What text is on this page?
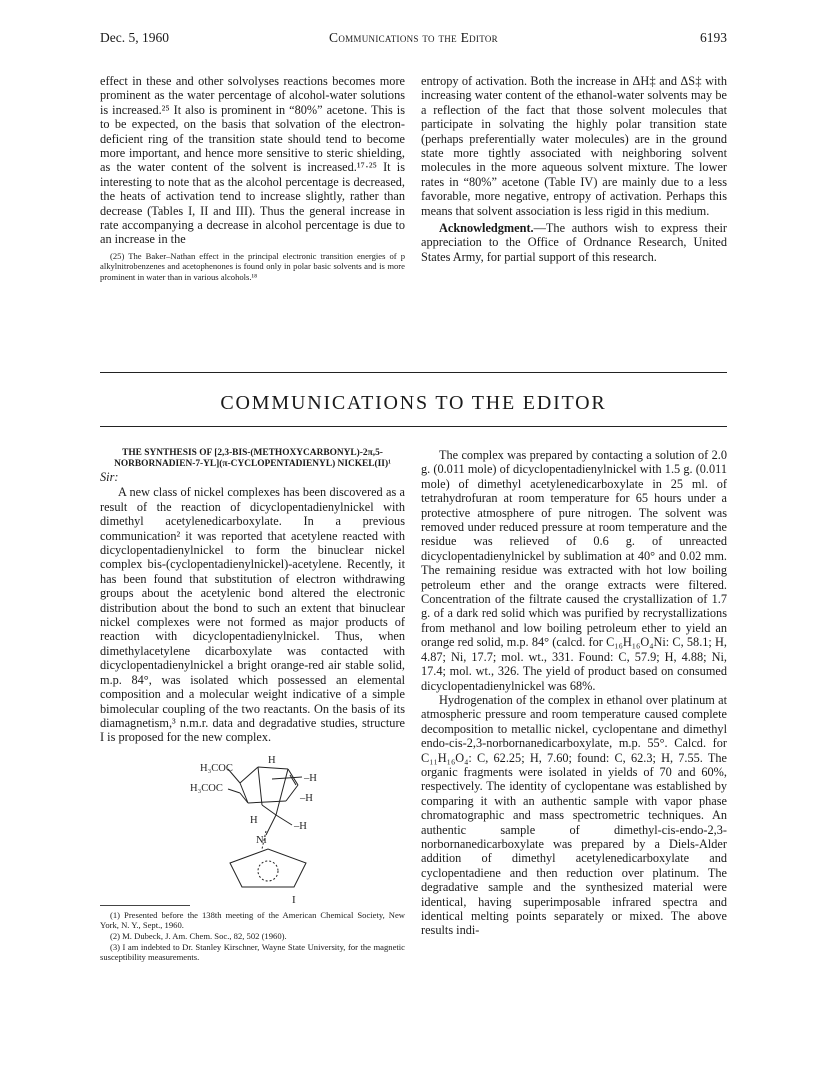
Dec. 5, 1960	Communications to the Editor	6193

effect in these and other solvolyses reactions becomes more prominent as the water percentage of alcohol-water solutions is increased.²⁵ It also is prominent in “80%” acetone. This is to be expected, on the basis that solvation of the electron-deficient ring of the transition state should tend to become more important, and hence more sensitive to steric shielding, as the water content of the solvent is increased.¹⁷·²⁵ It is interesting to note that as the alcohol percentage is decreased, the heats of activation tend to increase slightly, rather than decrease (Tables I, II and III). Thus the general increase in rate accompanying a decrease in alcohol percentage is due to an increase in the

(25) The Baker–Nathan effect in the principal electronic transition energies of p alkylnitrobenzenes and acetophenones is found only in polar basic solvents and is more prominent in water than in various alcohols.¹⁸

entropy of activation. Both the increase in ΔH‡ and ΔS‡ with increasing water content of the ethanol-water solvents may be a reflection of the fact that those solvent molecules that participate in solvating the highly polar transition state (perhaps preferentially water molecules) are in the ground state more tightly associated with neighboring solvent molecules in the more aqueous solvent mixture. The lower rates in “80%” acetone (Table IV) are mainly due to a less favorable, more negative, entropy of activation. Perhaps this means that solvent association is less rigid in this medium.

Acknowledgment.—The authors wish to express their appreciation to the Office of Ordnance Research, United States Army, for partial support of this research.

COMMUNICATIONS TO THE EDITOR
THE SYNTHESIS OF [2,3-BIS-(METHOXYCARBONYL)-2π,5-NORBORNADIEN-7-YL](π-CYCLOPENTADIENYL) NICKEL(II)¹
Sir:

A new class of nickel complexes has been discovered as a result of the reaction of dicyclopentadienylnickel with dimethyl acetylenedicarboxylate. In a previous communication² it was reported that acetylene reacted with dicyclopentadienylnickel to form the binuclear nickel complex bis-(cyclopentadienylnickel)-acetylene. Recently, it has been found that substitution of electron withdrawing groups about the acetylenic bond altered the electronic distribution about the bond to such an extent that binuclear nickel complexes were not formed as major products of reaction with dicyclopentadienylnickel. Thus, when dimethylacetylene dicarboxylate was contacted with dicyclopentadienylnickel a bright orange-red air stable solid, m.p. 84°, was isolated which possessed an elemental composition and a molecular weight indicative of a simple bimolecular coupling of the two reactants. On the basis of its diamagnetism,³ n.m.r. data and degradative studies, structure I is proposed for the new complex.

H₃COC
H₃COC
H
–H
–H
H
–H
Ni
I

(1) Presented before the 138th meeting of the American Chemical Society, New York, N. Y., Sept., 1960.

(2) M. Dubeck, J. Am. Chem. Soc., 82, 502 (1960).

(3) I am indebted to Dr. Stanley Kirschner, Wayne State University, for the magnetic susceptibility measurements.

The complex was prepared by contacting a solution of 2.0 g. (0.011 mole) of dicyclopentadienylnickel with 1.5 g. (0.011 mole) of dimethyl acetylenedicarboxylate in 25 ml. of tetrahydrofuran at room temperature for 65 hours under a protective atmosphere of pure nitrogen. The solvent was removed under reduced pressure at room temperature and the residue was relieved of 0.6 g. of unreacted dicyclopentadienylnickel by sublimation at 40° and 0.02 mm. The remaining residue was extracted with hot low boiling petroleum ether and the orange extracts were filtered. Concentration of the filtrate caused the crystallization of 1.7 g. of a dark red solid which was purified by recrystallizations from methanol and low boiling petroleum ether to yield an orange red solid, m.p. 84° (calcd. for C₁₆H₁₆O₄Ni: C, 58.1; H, 4.87; Ni, 17.7; mol. wt., 331. Found: C, 57.9; H, 4.88; Ni, 17.4; mol. wt., 326. The yield of product based on consumed dicyclopentadienylnickel was 68%.

Hydrogenation of the complex in ethanol over platinum at atmospheric pressure and room temperature caused complete decomposition to metallic nickel, cyclopentane and dimethyl endo-cis-2,3-norbornanedicarboxylate, m.p. 55°. Calcd. for C₁₁H₁₆O₄: C, 62.25; H, 7.60; found: C, 62.3; H, 7.55. The organic fragments were isolated in yields of 70 and 60%, respectively. The identity of cyclopentane was established by comparing it with an authentic sample with vapor phase chromatographic and mass spectrometric techniques. An authentic sample of dimethyl-cis-endo-2,3-norbornanedicarboxylate was prepared by a Diels-Alder addition of dimethyl acetylenedicarboxylate and cyclopentadiene and then reduction over platinum. The degradative sample and the synthesized material were identical, having superimposable infrared spectra and identical melting points separately or mixed. The above results indi-
